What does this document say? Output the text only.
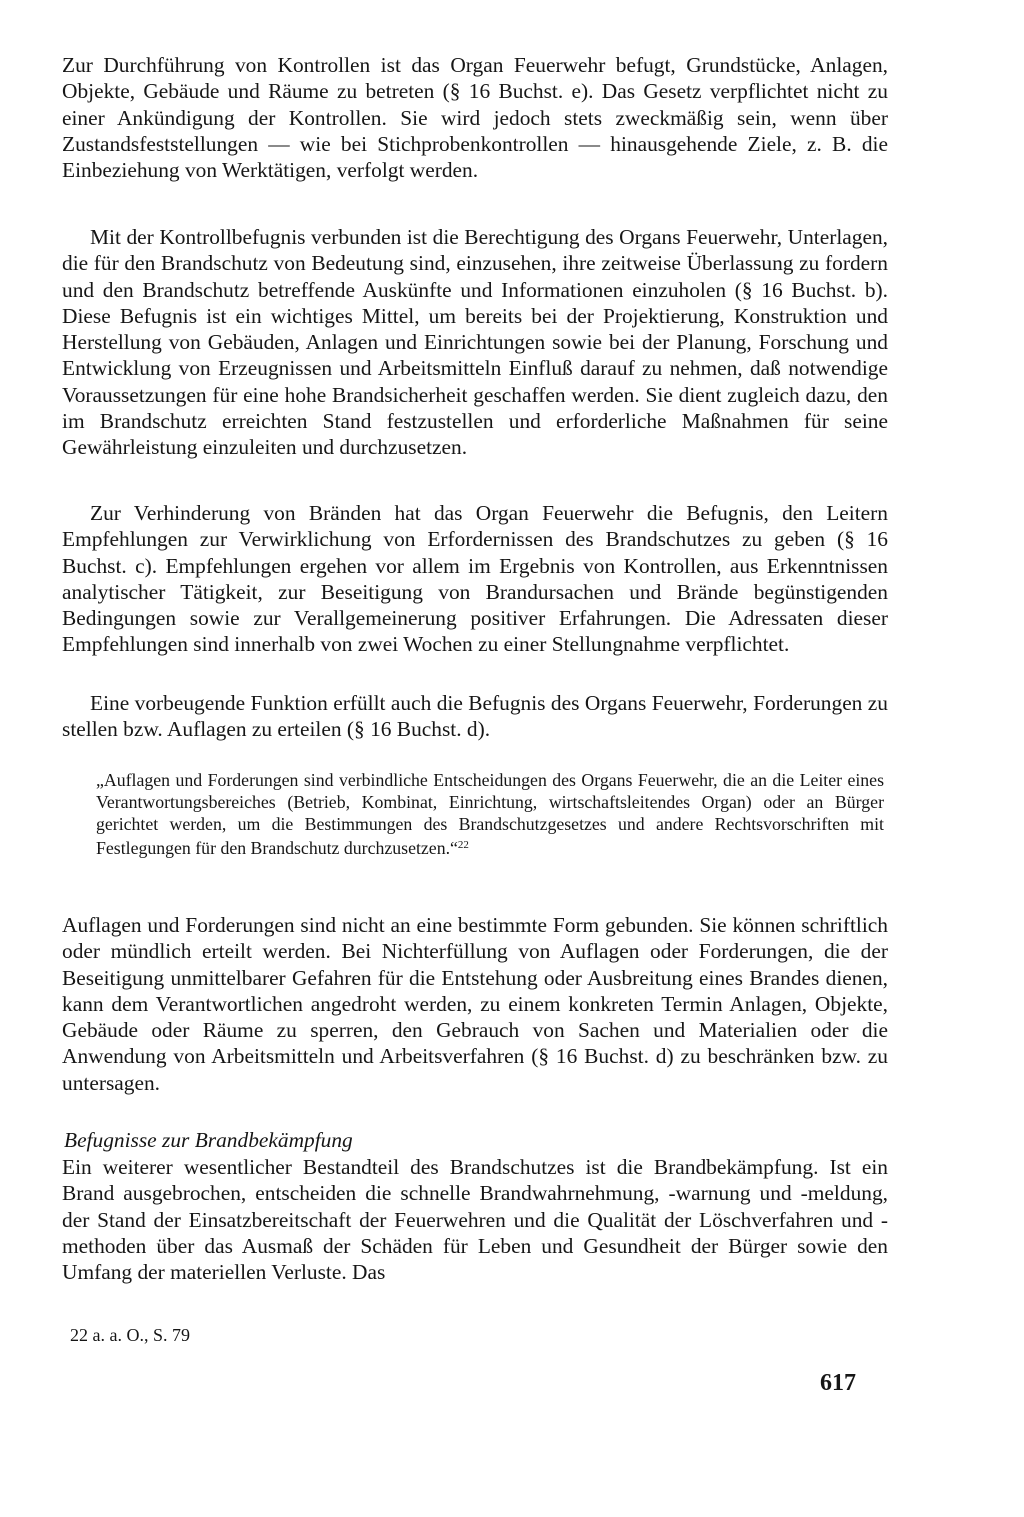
Zur Durchführung von Kontrollen ist das Organ Feuerwehr befugt, Grundstücke, Anlagen, Objekte, Gebäude und Räume zu betreten (§ 16 Buchst. e). Das Gesetz verpflichtet nicht zu einer Ankündigung der Kontrollen. Sie wird jedoch stets zweckmäßig sein, wenn über Zustandsfeststellungen — wie bei Stichprobenkontrollen — hinausgehende Ziele, z. B. die Einbeziehung von Werktätigen, verfolgt werden.

Mit der Kontrollbefugnis verbunden ist die Berechtigung des Organs Feuerwehr, Unterlagen, die für den Brandschutz von Bedeutung sind, einzusehen, ihre zeitweise Überlassung zu fordern und den Brandschutz betreffende Auskünfte und Informationen einzuholen (§ 16 Buchst. b). Diese Befugnis ist ein wichtiges Mittel, um bereits bei der Projektierung, Konstruktion und Herstellung von Gebäuden, Anlagen und Einrichtungen sowie bei der Planung, Forschung und Entwicklung von Erzeugnissen und Arbeitsmitteln Einfluß darauf zu nehmen, daß notwendige Voraussetzungen für eine hohe Brandsicherheit geschaffen werden. Sie dient zugleich dazu, den im Brandschutz erreichten Stand festzustellen und erforderliche Maßnahmen für seine Gewährleistung einzuleiten und durchzusetzen.

Zur Verhinderung von Bränden hat das Organ Feuerwehr die Befugnis, den Leitern Empfehlungen zur Verwirklichung von Erfordernissen des Brandschutzes zu geben (§ 16 Buchst. c). Empfehlungen ergehen vor allem im Ergebnis von Kontrollen, aus Erkenntnissen analytischer Tätigkeit, zur Beseitigung von Brandursachen und Brände begünstigenden Bedingungen sowie zur Verallgemeinerung positiver Erfahrungen. Die Adressaten dieser Empfehlungen sind innerhalb von zwei Wochen zu einer Stellungnahme verpflichtet.

Eine vorbeugende Funktion erfüllt auch die Befugnis des Organs Feuerwehr, Forderungen zu stellen bzw. Auflagen zu erteilen (§ 16 Buchst. d).

„Auflagen und Forderungen sind verbindliche Entscheidungen des Organs Feuerwehr, die an die Leiter eines Verantwortungsbereiches (Betrieb, Kombinat, Einrichtung, wirtschaftsleitendes Organ) oder an Bürger gerichtet werden, um die Bestimmungen des Brandschutzgesetzes und andere Rechtsvorschriften mit Festlegungen für den Brandschutz durchzusetzen.“$^{22}$

Auflagen und Forderungen sind nicht an eine bestimmte Form gebunden. Sie können schriftlich oder mündlich erteilt werden. Bei Nichterfüllung von Auflagen oder Forderungen, die der Beseitigung unmittelbarer Gefahren für die Entstehung oder Ausbreitung eines Brandes dienen, kann dem Verantwortlichen angedroht werden, zu einem konkreten Termin Anlagen, Objekte, Gebäude oder Räume zu sperren, den Gebrauch von Sachen und Materialien oder die Anwendung von Arbeitsmitteln und Arbeitsverfahren (§ 16 Buchst. d) zu beschränken bzw. zu untersagen.

Befugnisse zur Brandbekämpfung

Ein weiterer wesentlicher Bestandteil des Brandschutzes ist die Brandbekämpfung. Ist ein Brand ausgebrochen, entscheiden die schnelle Brandwahrnehmung, -warnung und -meldung, der Stand der Einsatzbereitschaft der Feuerwehren und die Qualität der Löschverfahren und -methoden über das Ausmaß der Schäden für Leben und Gesundheit der Bürger sowie den Umfang der materiellen Verluste. Das

22 a. a. O., S. 79

617
